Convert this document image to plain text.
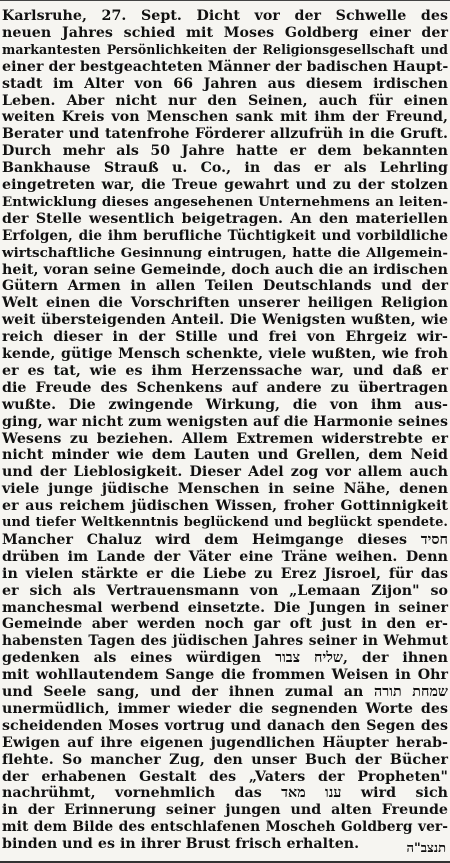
Karlsruhe, 27. Sept. Dicht vor der Schwelle des
neuen Jahres schied mit Moses Goldberg einer der
markantesten Persönlichkeiten der Religionsgesellschaft und
einer der bestgeachteten Männer der badischen Haupt-
stadt im Alter von 66 Jahren aus diesem irdischen
Leben. Aber nicht nur den Seinen, auch für einen
weiten Kreis von Menschen sank mit ihm der Freund,
Berater und tatenfrohe Förderer allzufrüh in die Gruft.
Durch mehr als 50 Jahre hatte er dem bekannten
Bankhause Strauß u. Co., in das er als Lehrling
eingetreten war, die Treue gewahrt und zu der stolzen
Entwicklung dieses angesehenen Unternehmens an leiten-
der Stelle wesentlich beigetragen. An den materiellen
Erfolgen, die ihm berufliche Tüchtigkeit und vorbildliche
wirtschaftliche Gesinnung eintrugen, hatte die Allgemein-
heit, voran seine Gemeinde, doch auch die an irdischen
Gütern Armen in allen Teilen Deutschlands und der
Welt einen die Vorschriften unserer heiligen Religion
weit übersteigenden Anteil. Die Wenigsten wußten, wie
reich dieser in der Stille und frei von Ehrgeiz wir-
kende, gütige Mensch schenkte, viele wußten, wie froh
er es tat, wie es ihm Herzenssache war, und daß er
die Freude des Schenkens auf andere zu übertragen
wußte. Die zwingende Wirkung, die von ihm aus-
ging, war nicht zum wenigsten auf die Harmonie seines
Wesens zu beziehen. Allem Extremen widerstrebte er
nicht minder wie dem Lauten und Grellen, dem Neid
und der Lieblosigkeit. Dieser Adel zog vor allem auch
viele junge jüdische Menschen in seine Nähe, denen
er aus reichem jüdischen Wissen, froher Gottinnigkeit
und tiefer Weltkenntnis beglückend und beglückt spendete.
Mancher Chaluz wird dem Heimgange dieses חסיד
drüben im Lande der Väter eine Träne weihen. Denn
in vielen stärkte er die Liebe zu Erez Jisroel, für das
er sich als Vertrauensmann von „Lemaan Zijon" so
manchesmal werbend einsetzte. Die Jungen in seiner
Gemeinde aber werden noch gar oft just in den er-
habensten Tagen des jüdischen Jahres seiner in Wehmut
gedenken als eines würdigen שליח צבור, der ihnen
mit wohllautendem Sange die frommen Weisen in Ohr
und Seele sang, und der ihnen zumal an שמחת תורה
unermüdlich, immer wieder die segnenden Worte des
scheidenden Moses vortrug und danach den Segen des
Ewigen auf ihre eigenen jugendlichen Häupter herab-
flehte. So mancher Zug, den unser Buch der Bücher
der erhabenen Gestalt des „Vaters der Propheten"
nachrühmt, vornehmlich das ענו מאד wird sich
in der Erinnerung seiner jungen und alten Freunde
mit dem Bilde des entschlafenen Moscheh Goldberg ver-
binden und es in ihrer Brust frisch erhalten.	תנצב"ה
